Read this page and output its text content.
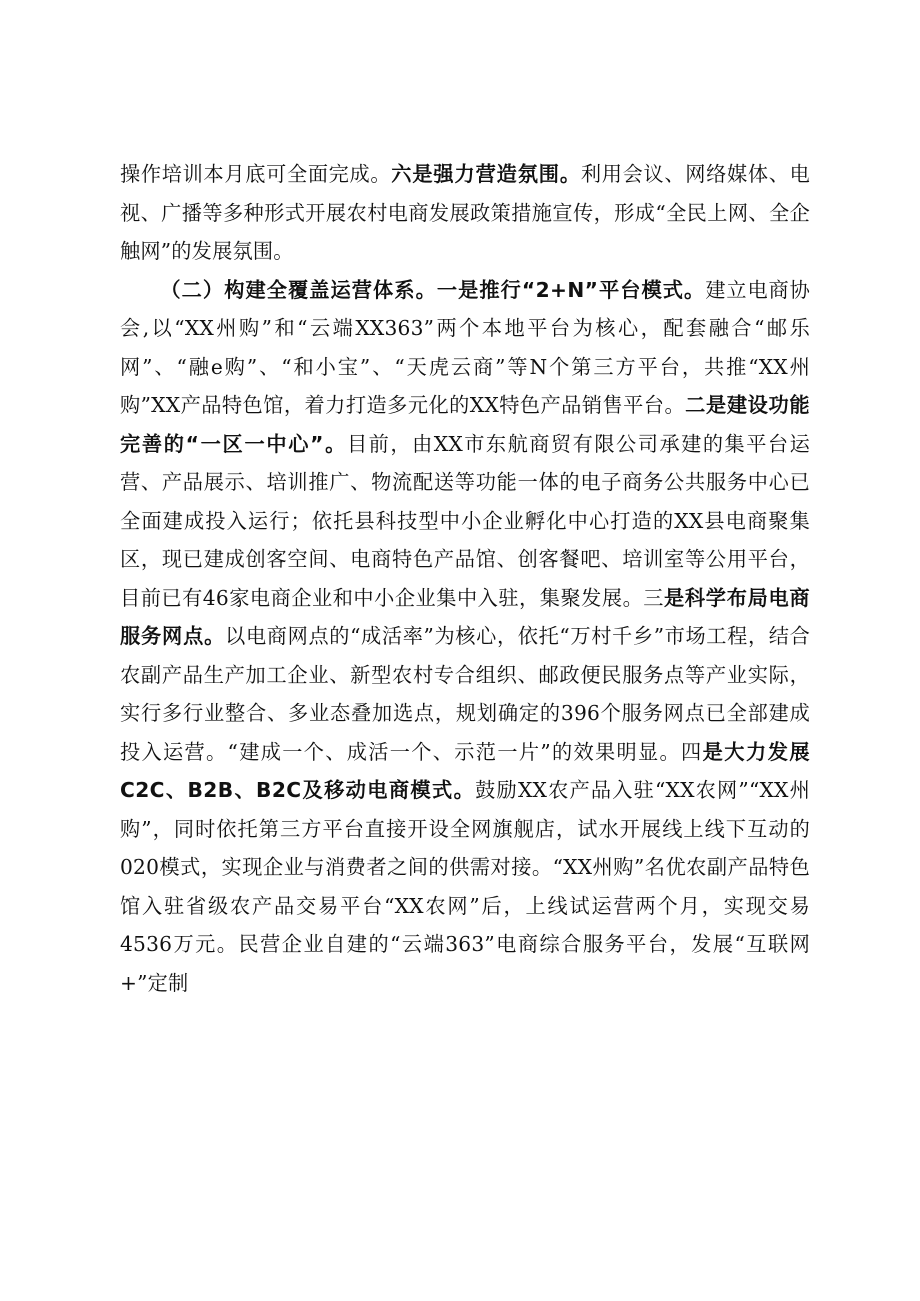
操作培训本月底可全面完成。六是强力营造氛围。利用会议、网络媒体、电视、广播等多种形式开展农村电商发展政策措施宣传，形成“全民上网、全企触网”的发展氛围。

（二）构建全覆盖运营体系。一是推行“2+N”平台模式。建立电商协会,以“XX州购”和“云端XX363”两个本地平台为核心，配套融合“邮乐网”、“融e购”、“和小宝”、“天虎云商”等N个第三方平台，共推“XX州购”XX产品特色馆，着力打造多元化的XX特色产品销售平台。二是建设功能完善的“一区一中心”。目前，由XX市东航商贸有限公司承建的集平台运营、产品展示、培训推广、物流配送等功能一体的电子商务公共服务中心已全面建成投入运行；依托县科技型中小企业孵化中心打造的XX县电商聚集区，现已建成创客空间、电商特色产品馆、创客餐吧、培训室等公用平台，目前已有46家电商企业和中小企业集中入驻，集聚发展。三是科学布局电商服务网点。以电商网点的“成活率”为核心，依托“万村千乡”市场工程，结合农副产品生产加工企业、新型农村专合组织、邮政便民服务点等产业实际，实行多行业整合、多业态叠加选点，规划确定的396个服务网点已全部建成投入运营。“建成一个、成活一个、示范一片”的效果明显。四是大力发展C2C、B2B、B2C及移动电商模式。鼓励XX农产品入驻“XX农网”“XX州购”，同时依托第三方平台直接开设全网旗舰店，试水开展线上线下互动的020模式，实现企业与消费者之间的供需对接。“XX州购”名优农副产品特色馆入驻省级农产品交易平台“XX农网”后，上线试运营两个月，实现交易4536万元。民营企业自建的“云端363”电商综合服务平台，发展“互联网+”定制
